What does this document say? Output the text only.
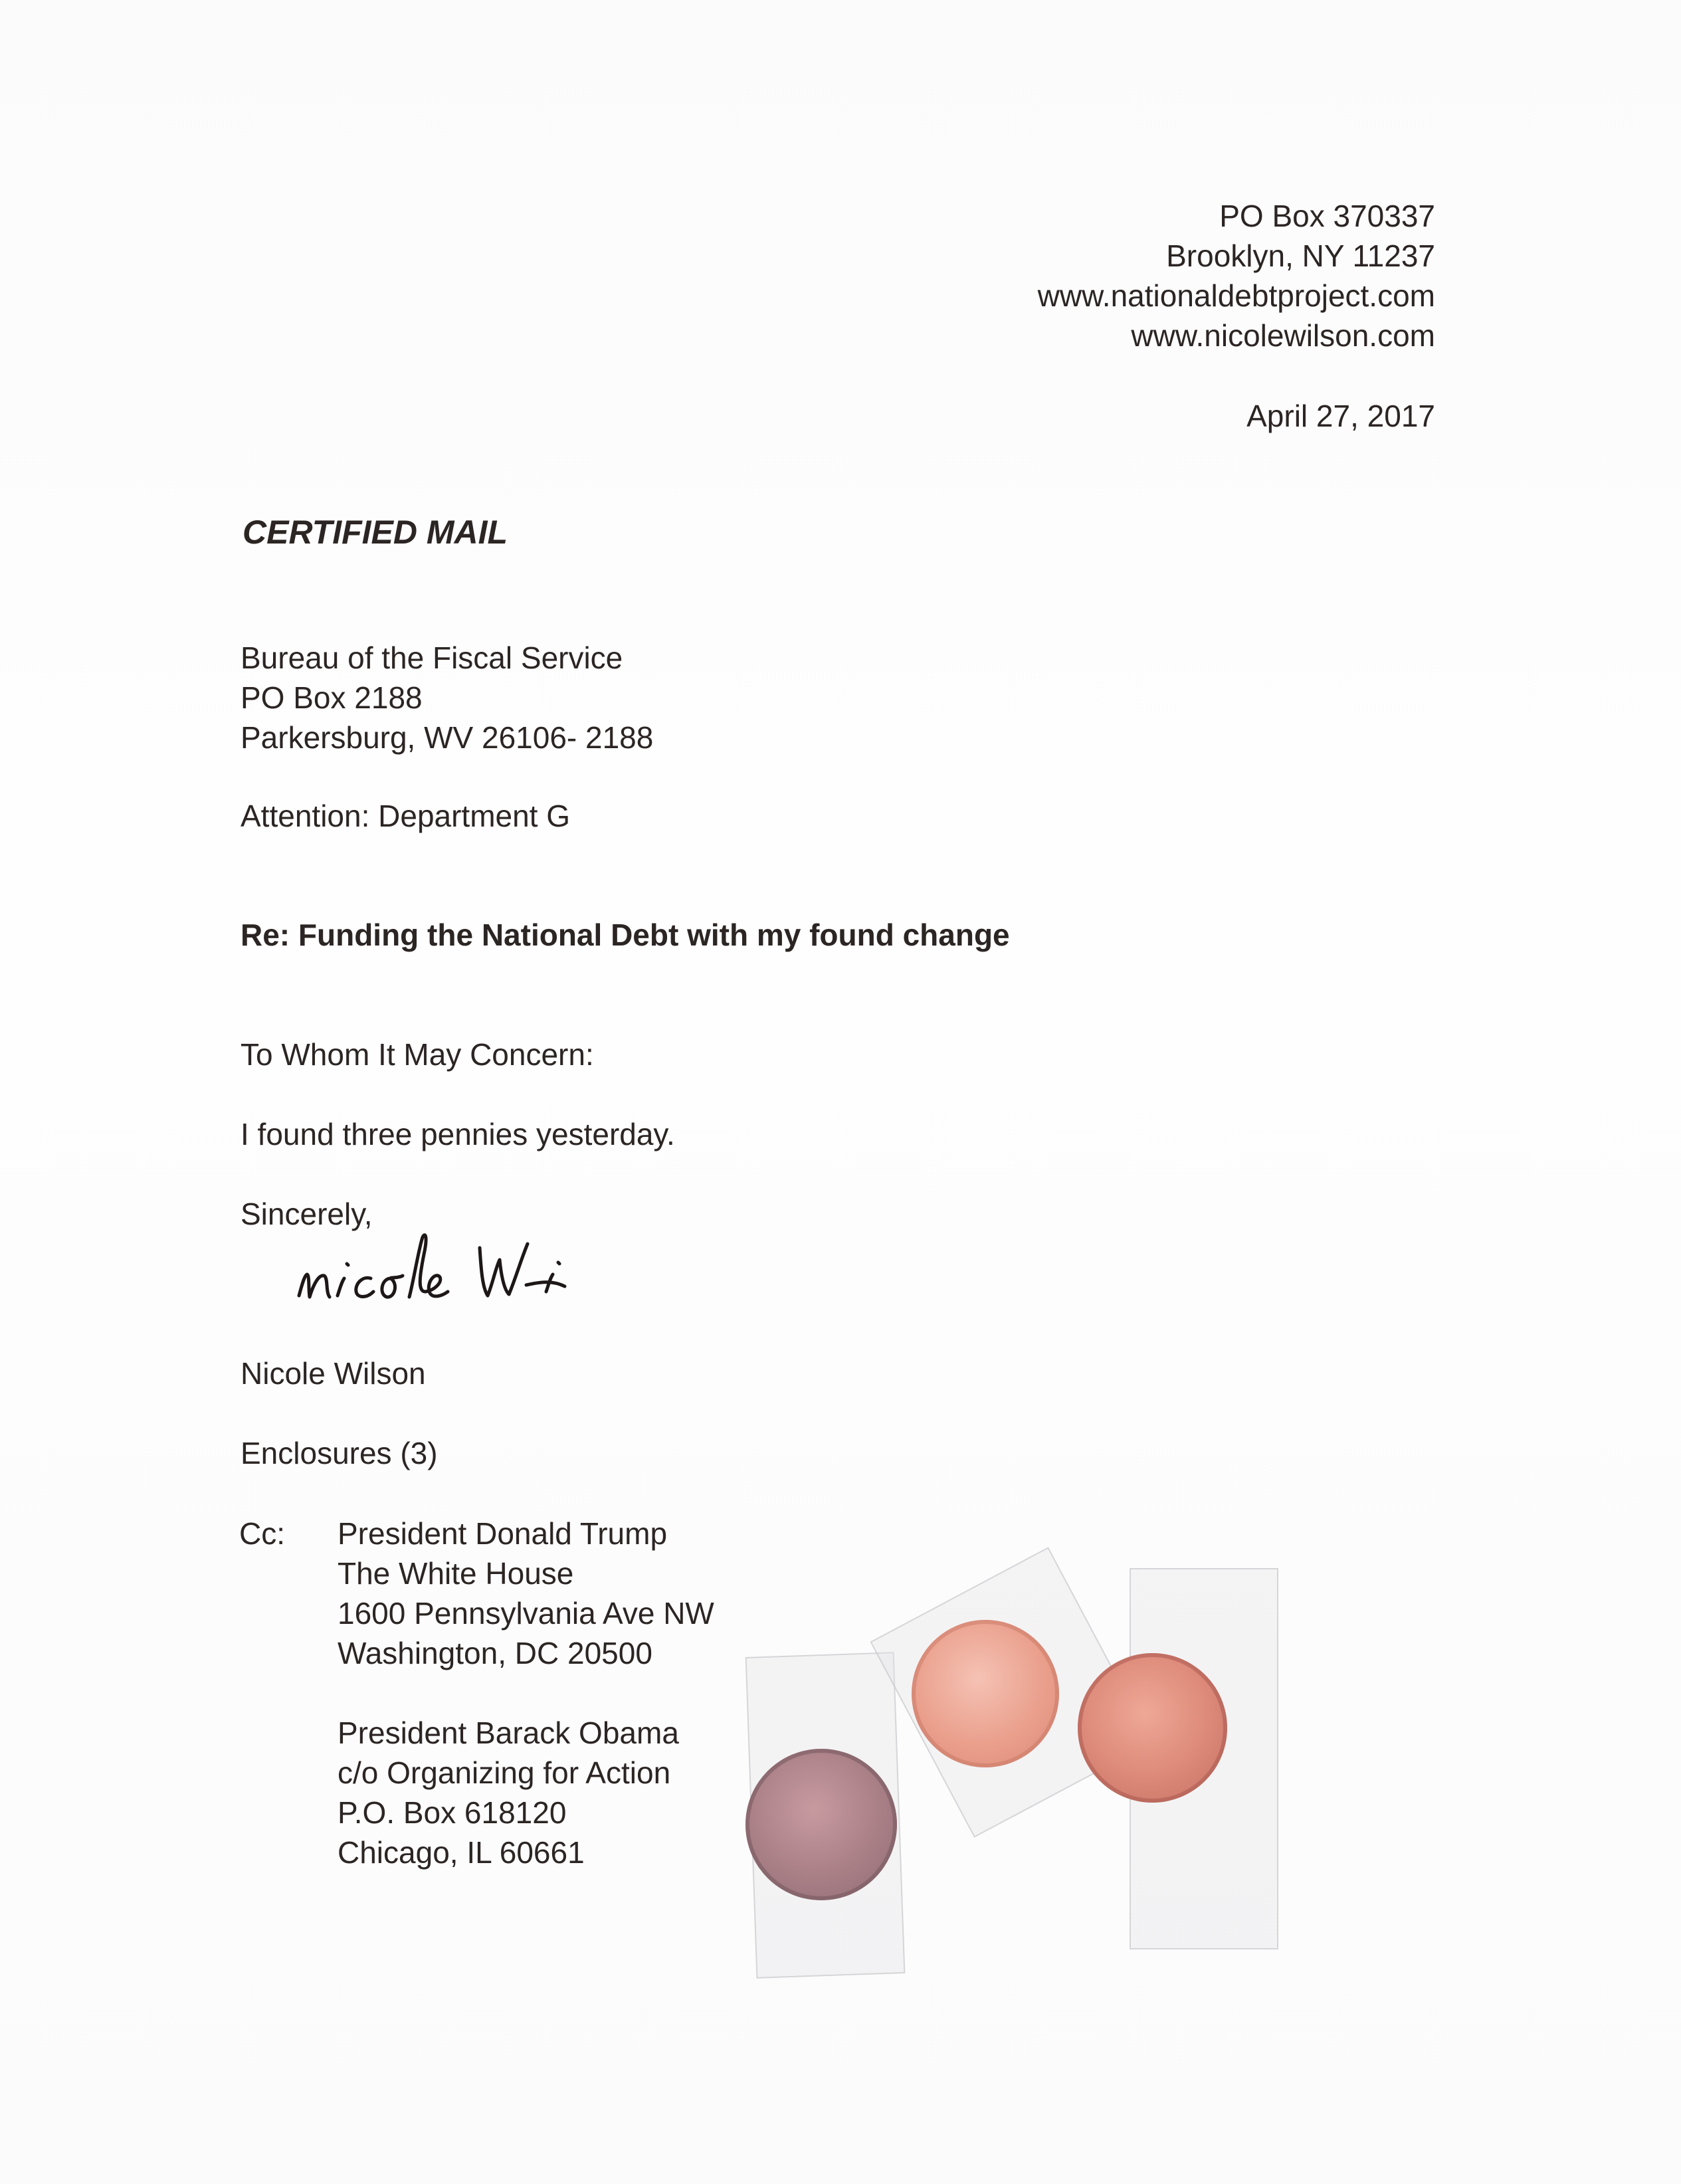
PO Box 370337
Brooklyn, NY 11237
www.nationaldebtproject.com
www.nicolewilson.com
April 27, 2017
CERTIFIED MAIL
Bureau of the Fiscal Service
PO Box 2188
Parkersburg, WV 26106- 2188
Attention: Department G
Re: Funding the National Debt with my found change
To Whom It May Concern:
I found three pennies yesterday.
Sincerely,
Nicole Wilson
Enclosures (3)
Cc: President Donald Trump
The White House
1600 Pennsylvania Ave NW
Washington, DC 20500
President Barack Obama
c/o Organizing for Action
P.O. Box 618120
Chicago, IL 60661
